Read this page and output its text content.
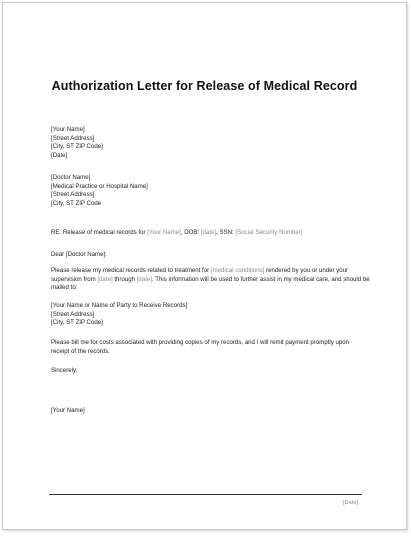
Authorization Letter for Release of Medical Record
[Your Name]
[Street Address]
[City, ST ZIP Code]
[Date]
[Doctor Name]
[Medical Practice or Hospital Name]
[Street Address]
[City, ST ZIP Code
RE: Release of medical records for [Your Name], DOB: [date], SSN: [Social Security Number]
Dear [Doctor Name]:
Please release my medical records related to treatment for [medical conditions] rendered by you or under your supervision from [date] through [date]. This information will be used to further assist in my medical care, and should be mailed to:
[Your Name or Name of Party to Receive Records]
[Street Address]
[City, ST ZIP Code]
Please bill me for costs associated with providing copies of my records, and I will remit payment promptly upon receipt of the records.
Sincerely,
[Your Name]
[Date]
